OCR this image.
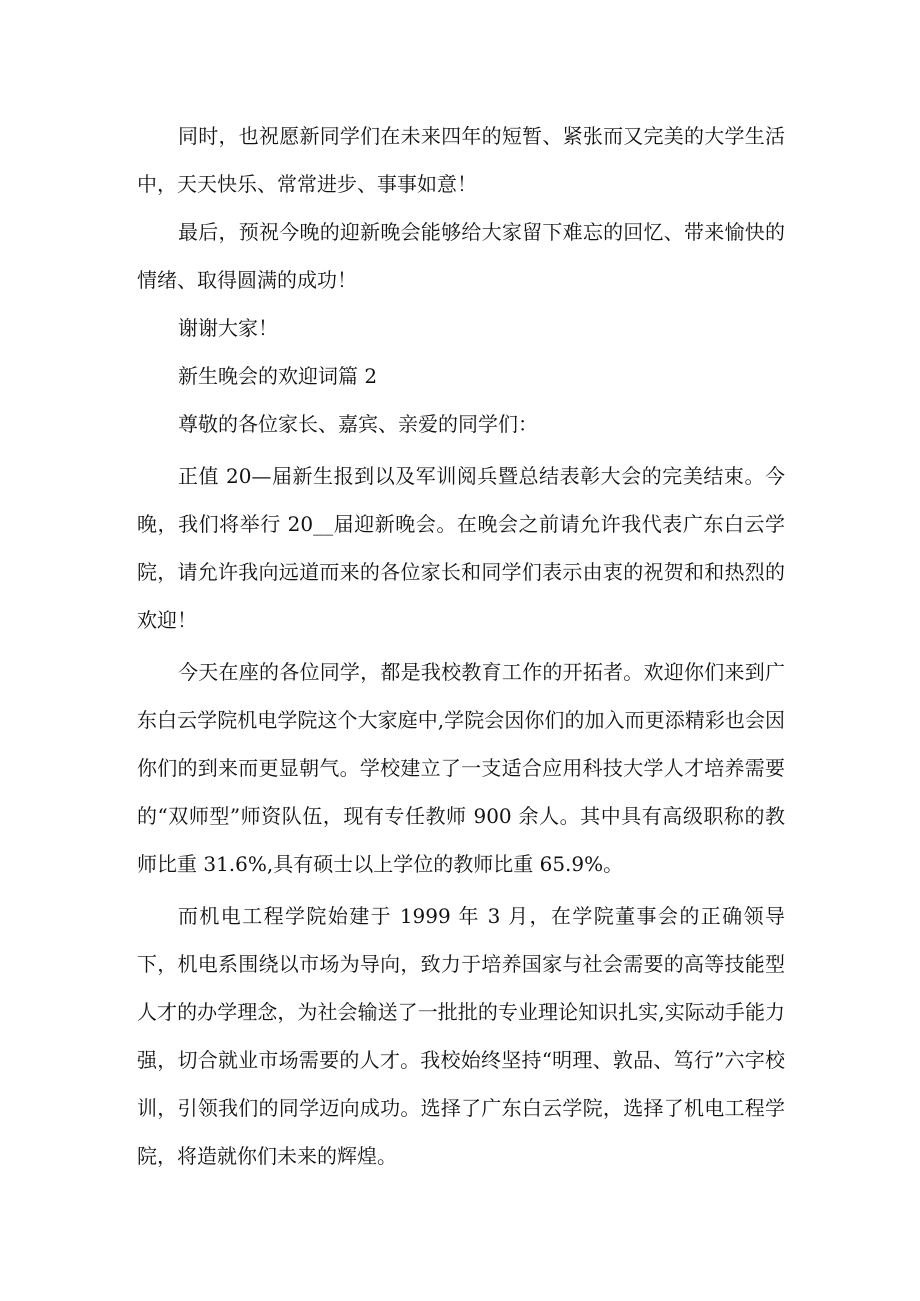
同时，也祝愿新同学们在未来四年的短暂、紧张而又完美的大学生活中，天天快乐、常常进步、事事如意！

最后，预祝今晚的迎新晚会能够给大家留下难忘的回忆、带来愉快的情绪、取得圆满的成功！

谢谢大家！

新生晚会的欢迎词篇 2

尊敬的各位家长、嘉宾、亲爱的同学们：

正值 20—届新生报到以及军训阅兵暨总结表彰大会的完美结束。今晚，我们将举行 20__届迎新晚会。在晚会之前请允许我代表广东白云学院，请允许我向远道而来的各位家长和同学们表示由衷的祝贺和和热烈的欢迎！

今天在座的各位同学，都是我校教育工作的开拓者。欢迎你们来到广东白云学院机电学院这个大家庭中,学院会因你们的加入而更添精彩也会因你们的到来而更显朝气。学校建立了一支适合应用科技大学人才培养需要的“双师型”师资队伍，现有专任教师 900 余人。其中具有高级职称的教师比重 31.6%,具有硕士以上学位的教师比重 65.9%。

而机电工程学院始建于 1999 年 3 月，在学院董事会的正确领导下，机电系围绕以市场为导向，致力于培养国家与社会需要的高等技能型人才的办学理念，为社会输送了一批批的专业理论知识扎实,实际动手能力强，切合就业市场需要的人才。我校始终坚持“明理、敦品、笃行”六字校训，引领我们的同学迈向成功。选择了广东白云学院，选择了机电工程学院，将造就你们未来的辉煌。
